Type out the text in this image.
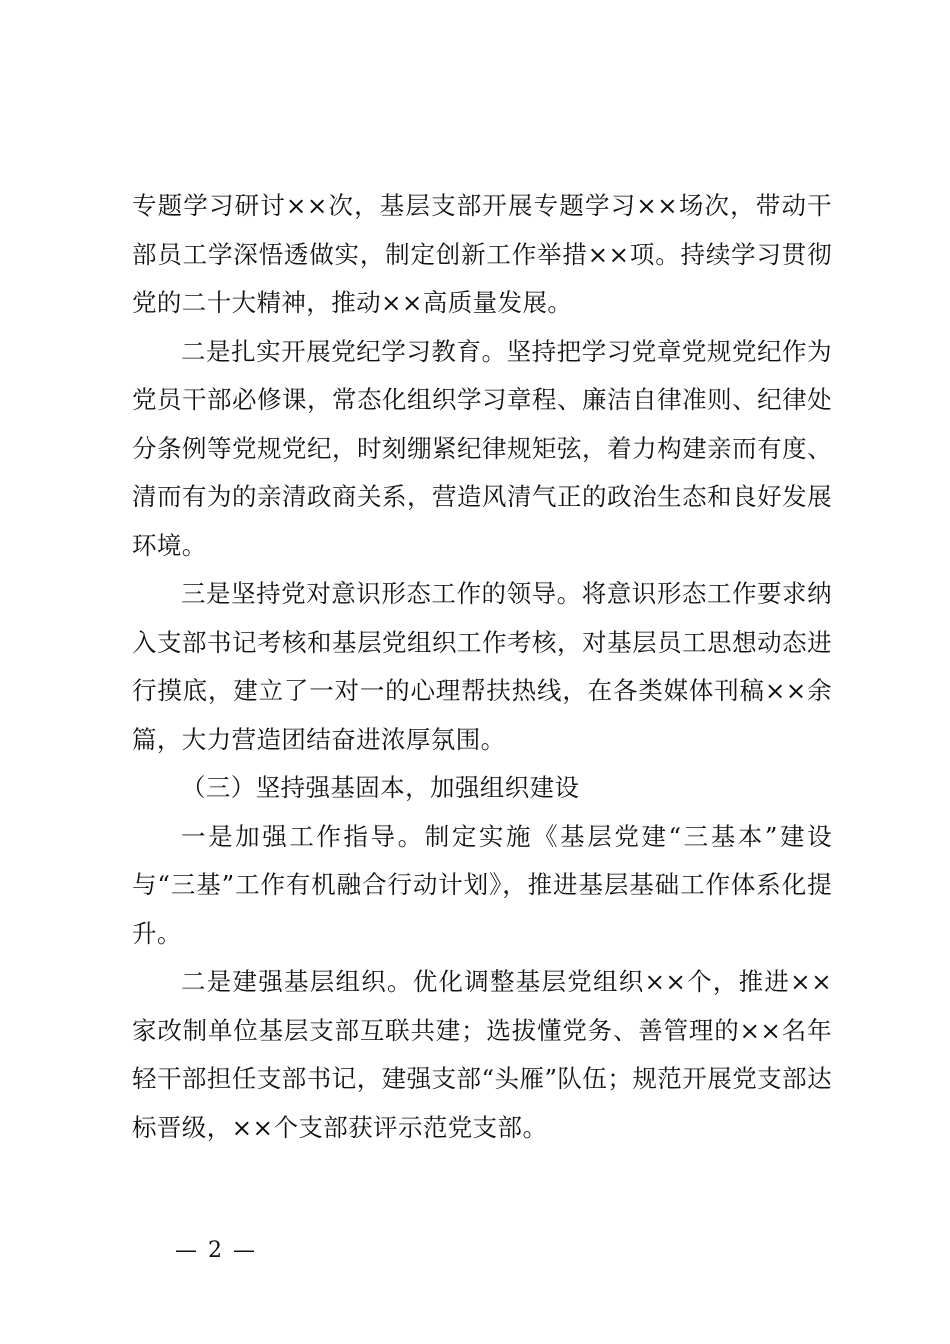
专题学习研讨××次，基层支部开展专题学习××场次，带动干部员工学深悟透做实，制定创新工作举措××项。持续学习贯彻党的二十大精神，推动××高质量发展。

二是扎实开展党纪学习教育。坚持把学习党章党规党纪作为党员干部必修课，常态化组织学习章程、廉洁自律准则、纪律处分条例等党规党纪，时刻绷紧纪律规矩弦，着力构建亲而有度、清而有为的亲清政商关系，营造风清气正的政治生态和良好发展环境。

三是坚持党对意识形态工作的领导。将意识形态工作要求纳入支部书记考核和基层党组织工作考核，对基层员工思想动态进行摸底，建立了一对一的心理帮扶热线，在各类媒体刊稿××余篇，大力营造团结奋进浓厚氛围。

（三）坚持强基固本，加强组织建设

一是加强工作指导。制定实施《基层党建“三基本”建设与“三基”工作有机融合行动计划》，推进基层基础工作体系化提升。

二是建强基层组织。优化调整基层党组织××个，推进××家改制单位基层支部互联共建；选拔懂党务、善管理的××名年轻干部担任支部书记，建强支部“头雁”队伍；规范开展党支部达标晋级，××个支部获评示范党支部。

— 2 —
